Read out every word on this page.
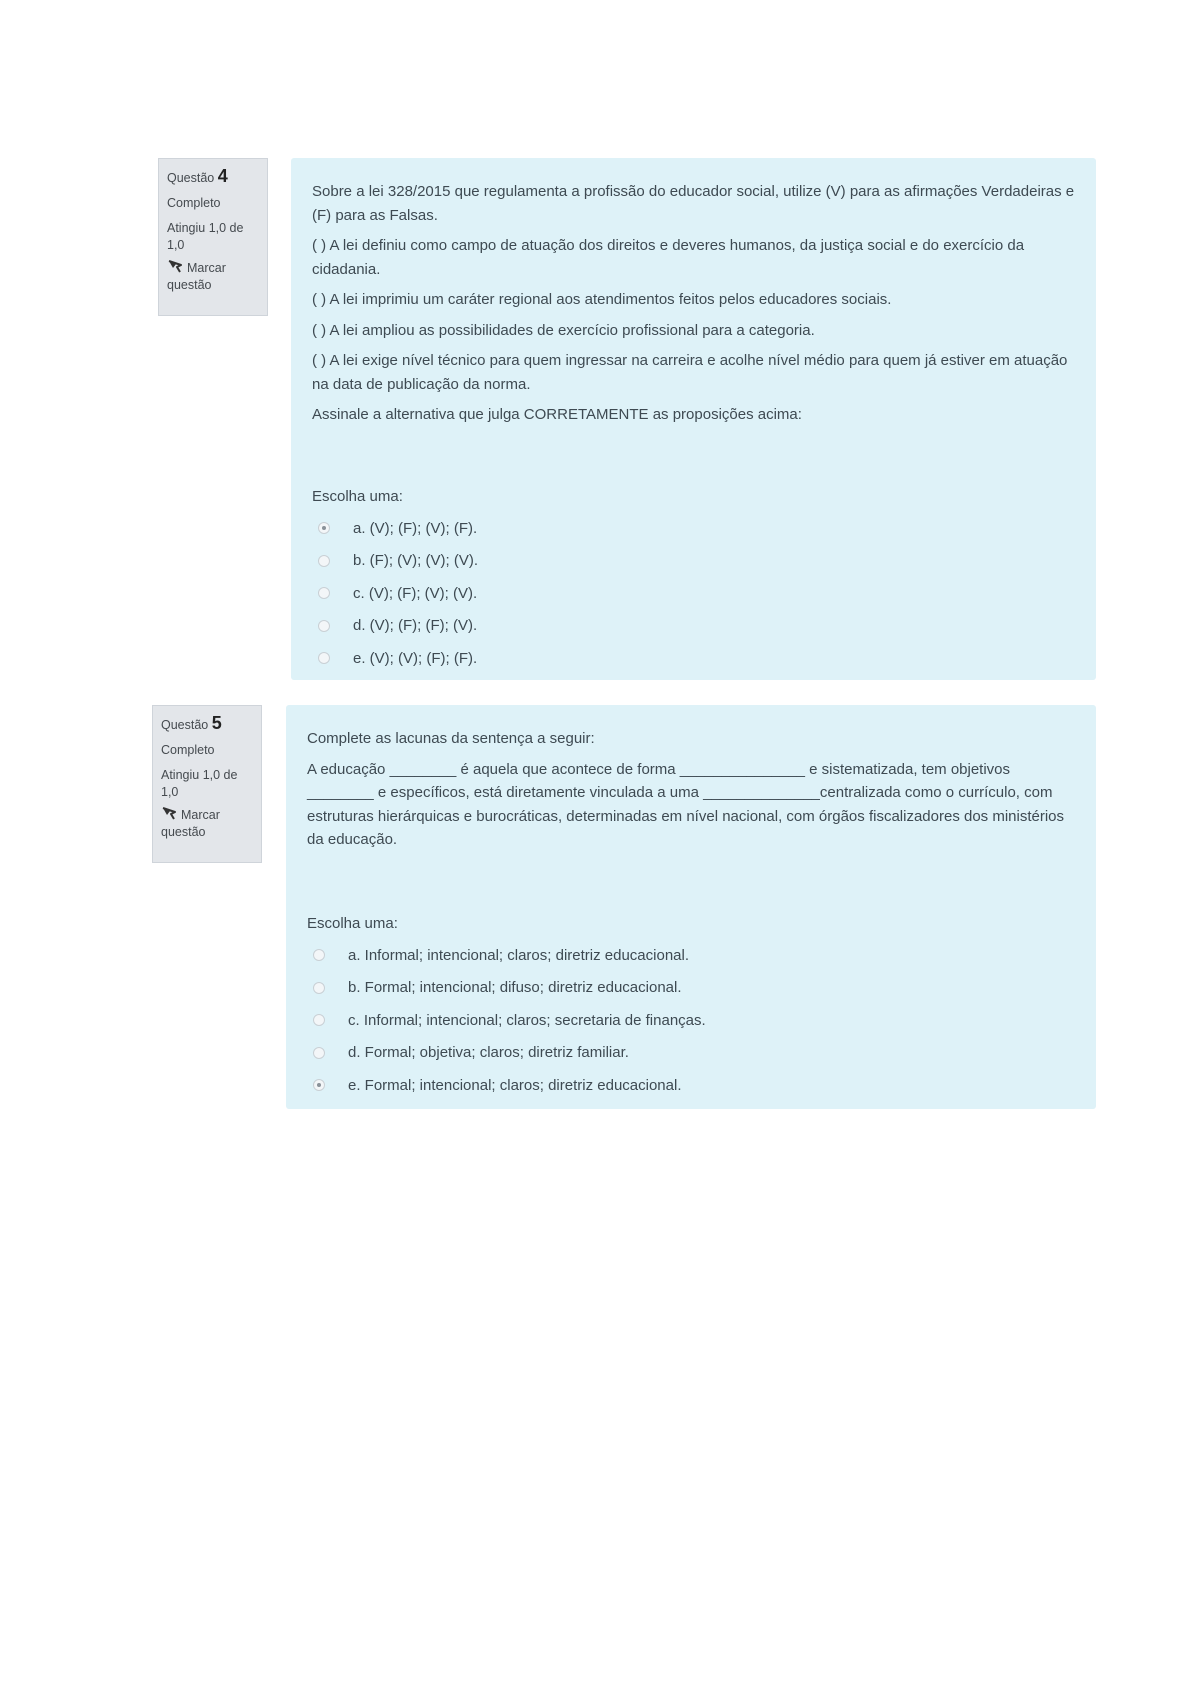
Questão 4
Completo
Atingiu 1,0 de 1,0
Marcar questão

Sobre a lei 328/2015 que regulamenta a profissão do educador social, utilize (V) para as afirmações Verdadeiras e (F) para as Falsas.

( ) A lei definiu como campo de atuação dos direitos e deveres humanos, da justiça social e do exercício da cidadania.

( ) A lei imprimiu um caráter regional aos atendimentos feitos pelos educadores sociais.

( ) A lei ampliou as possibilidades de exercício profissional para a categoria.

( ) A lei exige nível técnico para quem ingressar na carreira e acolhe nível médio para quem já estiver em atuação na data de publicação da norma.

Assinale a alternativa que julga CORRETAMENTE as proposições acima:

Escolha uma:
a. (V); (F); (V); (F).
b. (F); (V); (V); (V).
c. (V); (F); (V); (V).
d. (V); (F); (F); (V).
e. (V); (V); (F); (F).
Questão 5
Completo
Atingiu 1,0 de 1,0
Marcar questão

Complete as lacunas da sentença a seguir:

A educação ________ é aquela que acontece de forma _______________ e sistematizada, tem objetivos ________ e específicos, está diretamente vinculada a uma ______________centralizada como o currículo, com estruturas hierárquicas e burocráticas, determinadas em nível nacional, com órgãos fiscalizadores dos ministérios da educação.

Escolha uma:
a. Informal; intencional; claros; diretriz educacional.
b. Formal; intencional; difuso; diretriz educacional.
c. Informal; intencional; claros; secretaria de finanças.
d. Formal; objetiva; claros; diretriz familiar.
e. Formal; intencional; claros; diretriz educacional.
